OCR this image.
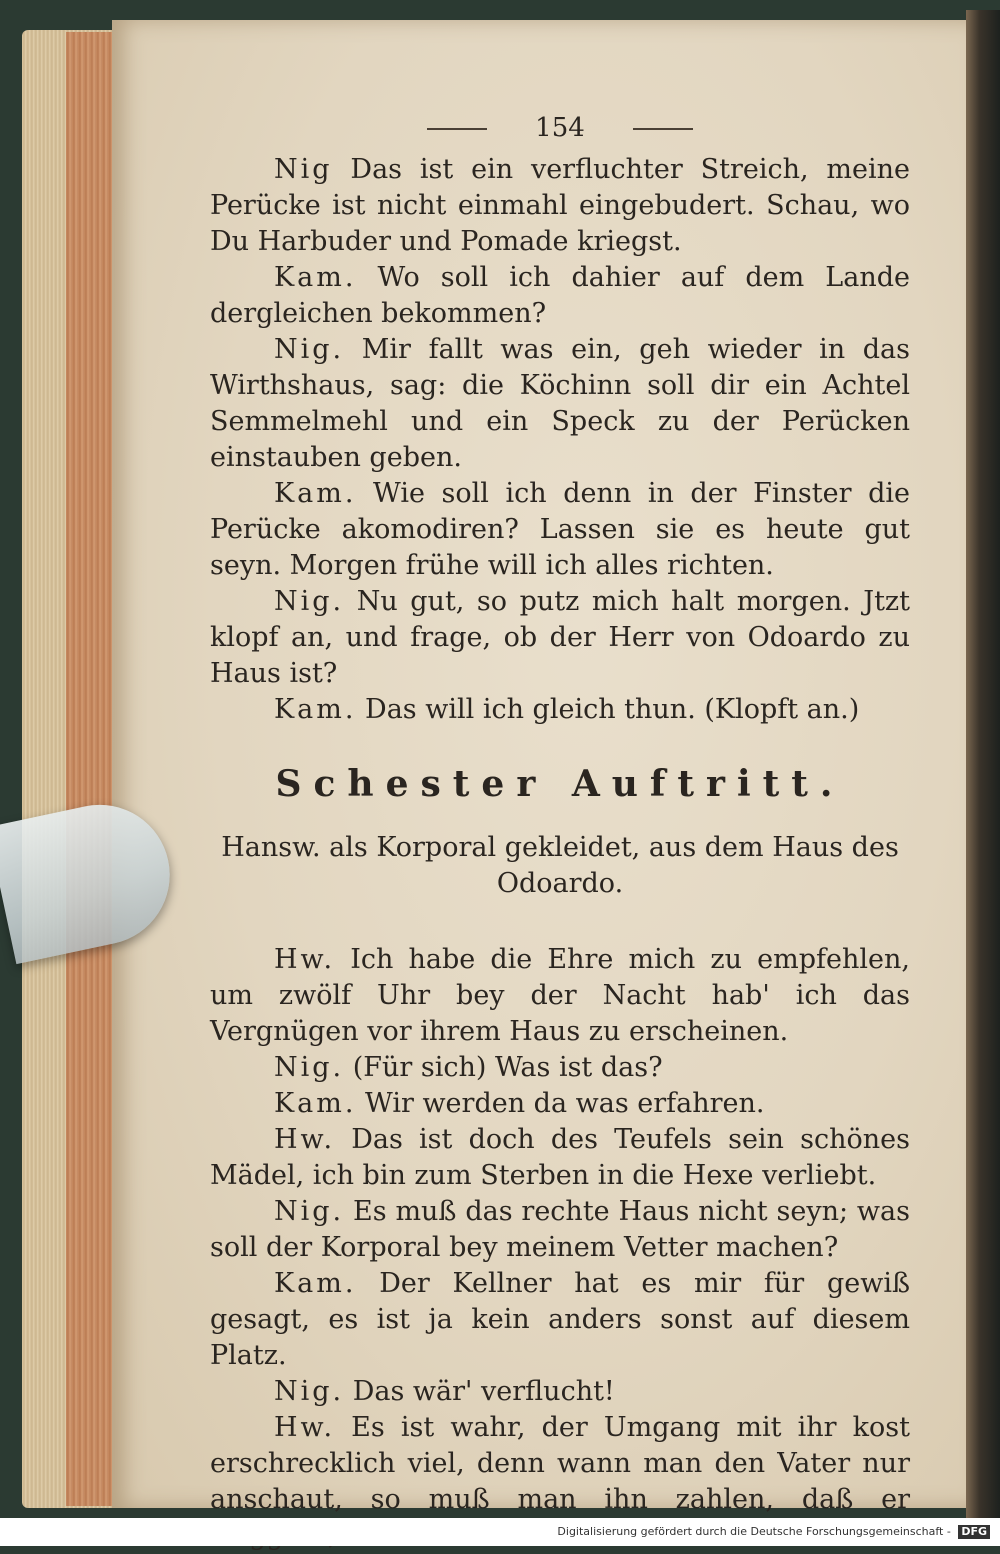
154

Nig Das ist ein verfluchter Streich, meine Perücke ist nicht einmahl eingebudert. Schau, wo Du Harbuder und Pomade kriegst.

Kam. Wo soll ich dahier auf dem Lande dergleichen bekommen?

Nig. Mir fallt was ein, geh wieder in das Wirthshaus, sag: die Köchinn soll dir ein Achtel Semmelmehl und ein Speck zu der Perücken einstauben geben.

Kam. Wie soll ich denn in der Finster die Perücke akomodiren? Lassen sie es heute gut seyn. Morgen frühe will ich alles richten.

Nig. Nu gut, so putz mich halt morgen. Jtzt klopf an, und frage, ob der Herr von Odoardo zu Haus ist?

Kam. Das will ich gleich thun. (Klopft an.)

Schester Auftritt.
Hansw. als Korporal gekleidet, aus dem Haus des Odoardo.

Hw. Ich habe die Ehre mich zu empfehlen, um zwölf Uhr bey der Nacht hab' ich das Vergnügen vor ihrem Haus zu erscheinen.

Nig. (Für sich) Was ist das?

Kam. Wir werden da was erfahren.

Hw. Das ist doch des Teufels sein schönes Mädel, ich bin zum Sterben in die Hexe verliebt.

Nig. Es muß das rechte Haus nicht seyn; was soll der Korporal bey meinem Vetter machen?

Kam. Der Kellner hat es mir für gewiß gesagt, es ist ja kein anders sonst auf diesem Platz.

Nig. Das wär' verflucht!

Hw. Es ist wahr, der Umgang mit ihr kost erschrecklich viel, denn wann man den Vater nur anschaut, so muß man ihn zahlen, daß er

Digitalisierung gefördert durch die Deutsche Forschungsgemeinschaft - DFG
